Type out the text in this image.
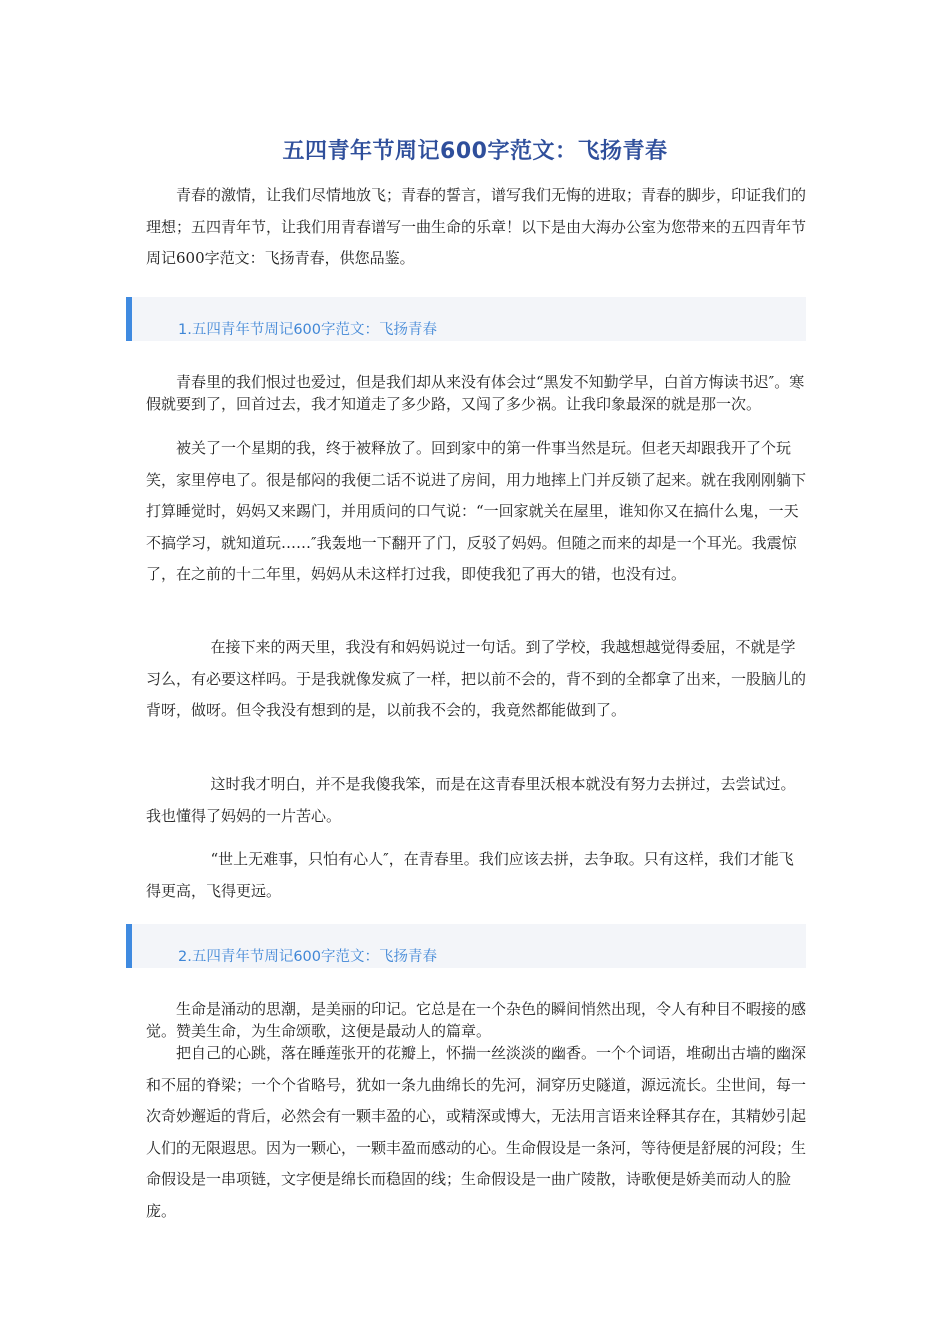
五四青年节周记600字范文：飞扬青春

青春的激情，让我们尽情地放飞；青春的誓言，谱写我们无悔的进取；青春的脚步，印证我们的理想；五四青年节，让我们用青春谱写一曲生命的乐章！以下是由大海办公室为您带来的五四青年节周记600字范文：飞扬青春，供您品鉴。

1.五四青年节周记600字范文：飞扬青春

青春里的我们恨过也爱过，但是我们却从来没有体会过“黑发不知勤学早，白首方悔读书迟″。寒假就要到了，回首过去，我才知道走了多少路，又闯了多少祸。让我印象最深的就是那一次。

被关了一个星期的我，终于被释放了。回到家中的第一件事当然是玩。但老天却跟我开了个玩笑，家里停电了。很是郁闷的我便二话不说进了房间，用力地摔上门并反锁了起来。就在我刚刚躺下打算睡觉时，妈妈又来踢门，并用质问的口气说：“一回家就关在屋里，谁知你又在搞什么鬼，一天不搞学习，就知道玩……″我轰地一下翻开了门，反驳了妈妈。但随之而来的却是一个耳光。我震惊了，在之前的十二年里，妈妈从未这样打过我，即使我犯了再大的错，也没有过。

在接下来的两天里，我没有和妈妈说过一句话。到了学校，我越想越觉得委屈，不就是学习么，有必要这样吗。于是我就像发疯了一样，把以前不会的，背不到的全都拿了出来，一股脑儿的背呀，做呀。但令我没有想到的是，以前我不会的，我竟然都能做到了。

这时我才明白，并不是我傻我笨，而是在这青春里沃根本就没有努力去拼过，去尝试过。我也懂得了妈妈的一片苦心。

“世上无难事，只怕有心人″，在青春里。我们应该去拼，去争取。只有这样，我们才能飞得更高，飞得更远。

2.五四青年节周记600字范文：飞扬青春

生命是涌动的思潮，是美丽的印记。它总是在一个杂色的瞬间悄然出现，令人有种目不暇接的感觉。赞美生命，为生命颂歌，这便是最动人的篇章。

把自己的心跳，落在睡莲张开的花瓣上，怀揣一丝淡淡的幽香。一个个词语，堆砌出古墙的幽深和不屈的脊梁；一个个省略号，犹如一条九曲绵长的先河，洞穿历史隧道，源远流长。尘世间，每一次奇妙邂逅的背后，必然会有一颗丰盈的心，或精深或博大，无法用言语来诠释其存在，其精妙引起人们的无限遐思。因为一颗心，一颗丰盈而感动的心。生命假设是一条河，等待便是舒展的河段；生命假设是一串项链，文字便是绵长而稳固的线；生命假设是一曲广陵散，诗歌便是娇美而动人的脸庞。
